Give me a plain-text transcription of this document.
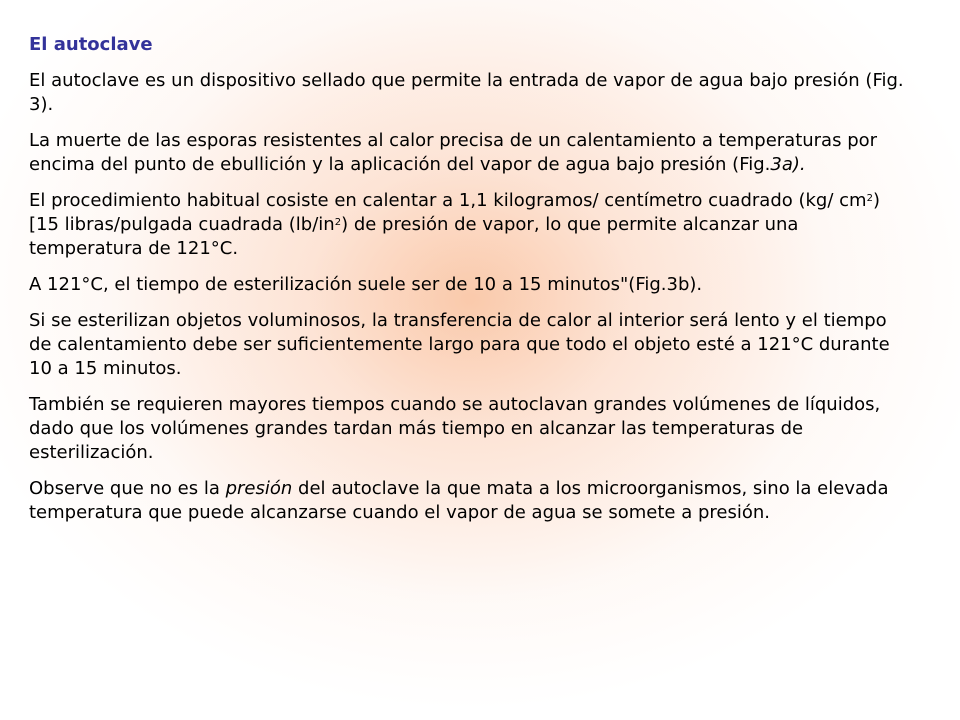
El autoclave
El autoclave es un dispositivo sellado que permite la entrada de vapor de agua bajo presión (Fig. 3).
La muerte de las esporas resistentes al calor precisa de un calentamiento a temperaturas por encima del punto de ebullición y la aplicación del vapor de agua bajo presión (Fig.3a).
El procedimiento habitual cosiste en calentar a 1,1 kilogramos/ centímetro cuadrado (kg/ $cm^2$) [15 libras/pulgada cuadrada $(lb/in^2)$ de presión de vapor, lo que permite alcanzar una temperatura de 121°C.
A 121°C, el tiempo de esterilización suele ser de 10 a 15 minutos"(Fig.3b).
Si se esterilizan objetos voluminosos, la transferencia de calor al interior será lento y el tiempo de calentamiento debe ser suficientemente largo para que todo el objeto esté a 121°C durante 10 a 15 minutos.
También se requieren mayores tiempos cuando se autoclavan grandes volúmenes de líquidos, dado que los volúmenes grandes tardan más tiempo en alcanzar las temperaturas de esterilización.
Observe que no es la presión del autoclave la que mata a los microorganismos, sino la elevada temperatura que puede alcanzarse cuando el vapor de agua se somete a presión.
